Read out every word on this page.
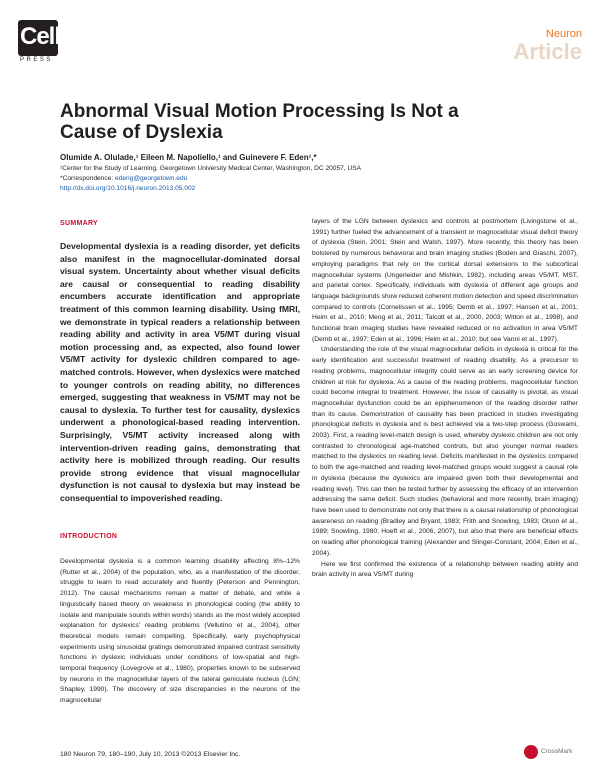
Cell
PRESS
Neuron
Article
Abnormal Visual Motion Processing Is Not a Cause of Dyslexia
Olumide A. Olulade,¹ Eileen M. Napoliello,¹ and Guinevere F. Eden¹,*
¹Center for the Study of Learning, Georgetown University Medical Center, Washington, DC 20057, USA
*Correspondence: edeng@georgetown.edu
http://dx.doi.org/10.1016/j.neuron.2013.05.002
SUMMARY
Developmental dyslexia is a reading disorder, yet deficits also manifest in the magnocellular-dominated dorsal visual system. Uncertainty about whether visual deficits are causal or consequential to reading disability encumbers accurate identification and appropriate treatment of this common learning disability. Using fMRI, we demonstrate in typical readers a relationship between reading ability and activity in area V5/MT during visual motion processing and, as expected, also found lower V5/MT activity for dyslexic children compared to age-matched controls. However, when dyslexics were matched to younger controls on reading ability, no differences emerged, suggesting that weakness in V5/MT may not be causal to dyslexia. To further test for causality, dyslexics underwent a phonological-based reading intervention. Surprisingly, V5/MT activity increased along with intervention-driven reading gains, demonstrating that activity here is mobilized through reading. Our results provide strong evidence that visual magnocellular dysfunction is not causal to dyslexia but may instead be consequential to impoverished reading.
INTRODUCTION
Developmental dyslexia is a common learning disability affecting 8%–12% (Rutter et al., 2004) of the population, who, as a manifestation of the disorder, struggle to learn to read accurately and fluently (Peterson and Pennington, 2012). The causal mechanisms remain a matter of debate, and while a linguistically based theory on weakness in phonological coding (the ability to isolate and manipulate sounds within words) stands as the most widely accepted explanation for dyslexics' reading problems (Vellutino et al., 2004), other theoretical models remain compelling. Specifically, early psychophysical experiments using sinusoidal gratings demonstrated impaired contrast sensitivity functions in dyslexic individuals under conditions of low-spatial and high-temporal frequency (Lovegrove et al., 1980), properties known to be subserved by neurons in the magnocellular layers of the lateral geniculate nucleus (LGN; Shapley, 1990). The discovery of size discrepancies in the neurons of the magnocellular

layers of the LGN between dyslexics and controls at postmortem (Livingstone et al., 1991) further fueled the advancement of a transient or magnocellular visual deficit theory of dyslexia (Stein, 2001; Stein and Walsh, 1997). More recently, this theory has been bolstered by numerous behavioral and brain imaging studies (Boden and Giaschi, 2007), employing paradigms that rely on the cortical dorsal extensions to the subcortical magnocellular systems (Ungerleider and Mishkin, 1982), including areas V5/MT, MST, and parietal cortex. Specifically, individuals with dyslexia of different age groups and language backgrounds show reduced coherent motion detection and speed discrimination compared to controls (Cornelissen et al., 1995; Demb et al., 1997; Hansen et al., 2001; Heim et al., 2010; Meng et al., 2011; Talcott et al., 2000, 2003; Witton et al., 1998), and functional brain imaging studies have revealed reduced or no activation in area V5/MT (Demb et al., 1997; Eden et al., 1996; Heim et al., 2010; but see Vanni et al., 1997).

Understanding the role of the visual magnocellular deficits in dyslexia is critical for the early identification and successful treatment of reading disability. As a precursor to reading problems, magnocellular integrity could serve as an early screening device for children at risk for dyslexia. As a cause of the reading problems, magnocellular function could become integral to treatment. However, the issue of causality is pivotal, as visual magnocellular dysfunction could be an epiphenomenon of the reading disorder rather than its cause. Demonstration of causality has been practiced in studies investigating phonological deficits in dyslexia and is best achieved via a two-step process (Goswami, 2003). First, a reading level-match design is used, whereby dyslexic children are not only contrasted to chronological age-matched controls, but also younger normal readers matched to the dyslexics on reading level. Deficits manifested in the dyslexics compared to both the age-matched and reading level-matched groups would suggest a causal role in dyslexia (because the dyslexics are impaired given both their developmental and reading level). This can then be tested further by assessing the efficacy of an intervention addressing the same deficit. Such studies (behavioral and more recently, brain imaging) have been used to demonstrate not only that there is a causal relationship of phonological awareness on reading (Bradley and Bryant, 1983; Frith and Snowling, 1983; Olson et al., 1989; Snowling, 1980; Hoeft et al., 2006, 2007), but also that there are beneficial effects on reading after phonological training (Alexander and Slinger-Constant, 2004; Eden et al., 2004).

Here we first confirmed the existence of a relationship between reading ability and brain activity in area V5/MT during

180 Neuron 79, 180–190, July 10, 2013 ©2013 Elsevier Inc.	CrossMark
